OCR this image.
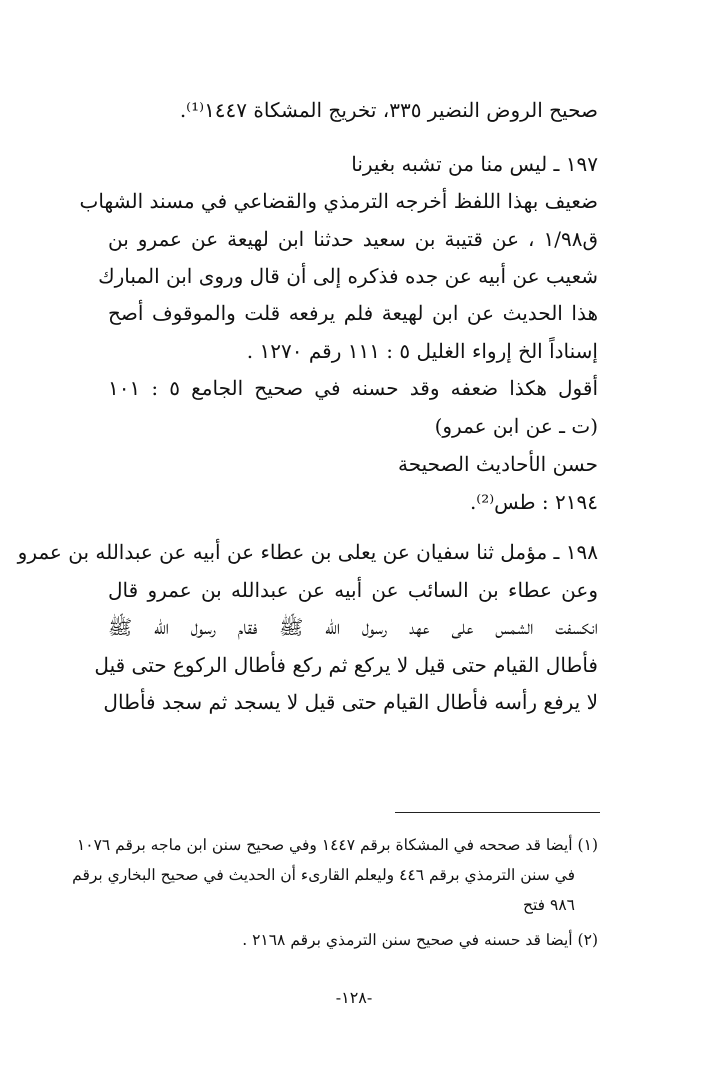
صحيح الروض النضير ٣٣٥، تخريج المشكاة ١٤٤٧⁽¹⁾.
١٩٧ ـ ليس منا من تشبه بغيرنا
ضعيف بهذا اللفظ أخرجه الترمذي والقضاعي في مسند الشهاب
ق١/٩٨ ، عن قتيبة بن سعيد حدثنا ابن لهيعة عن عمرو بن
شعيب عن أبيه عن جده فذكره إلى أن قال وروى ابن المبارك
هذا الحديث عن ابن لهيعة فلم يرفعه قلت والموقوف أصح
إسناداً الخ إرواء الغليل ٥ : ١١١ رقم ١٢٧٠ .
أقول هكذا ضعفه وقد حسنه في صحيح الجامع ٥ : ١٠١
(ت ـ عن ابن عمرو)
حسن الأحاديث الصحيحة
٢١٩٤ : طس⁽²⁾.
١٩٨ ـ مؤمل ثنا سفيان عن يعلى بن عطاء عن أبيه عن عبدالله بن عمرو
وعن عطاء بن السائب عن أبيه عن عبدالله بن عمرو قال
انكسفت الشمس على عهد رسول الله ﷺ فقام رسول الله ﷺ
فأطال القيام حتى قيل لا يركع ثم ركع فأطال الركوع حتى قيل
لا يرفع رأسه فأطال القيام حتى قيل لا يسجد ثم سجد فأطال
(١) أيضا قد صححه في المشكاة برقم ١٤٤٧ وفي صحيح سنن ابن ماجه برقم ١٠٧٦
في سنن الترمذي برقم ٤٤٦ وليعلم القارىء أن الحديث في صحيح البخاري برقم
٩٨٦ فتح
(٢) أيضا قد حسنه في صحيح سنن الترمذي برقم ٢١٦٨ .
-١٢٨-
